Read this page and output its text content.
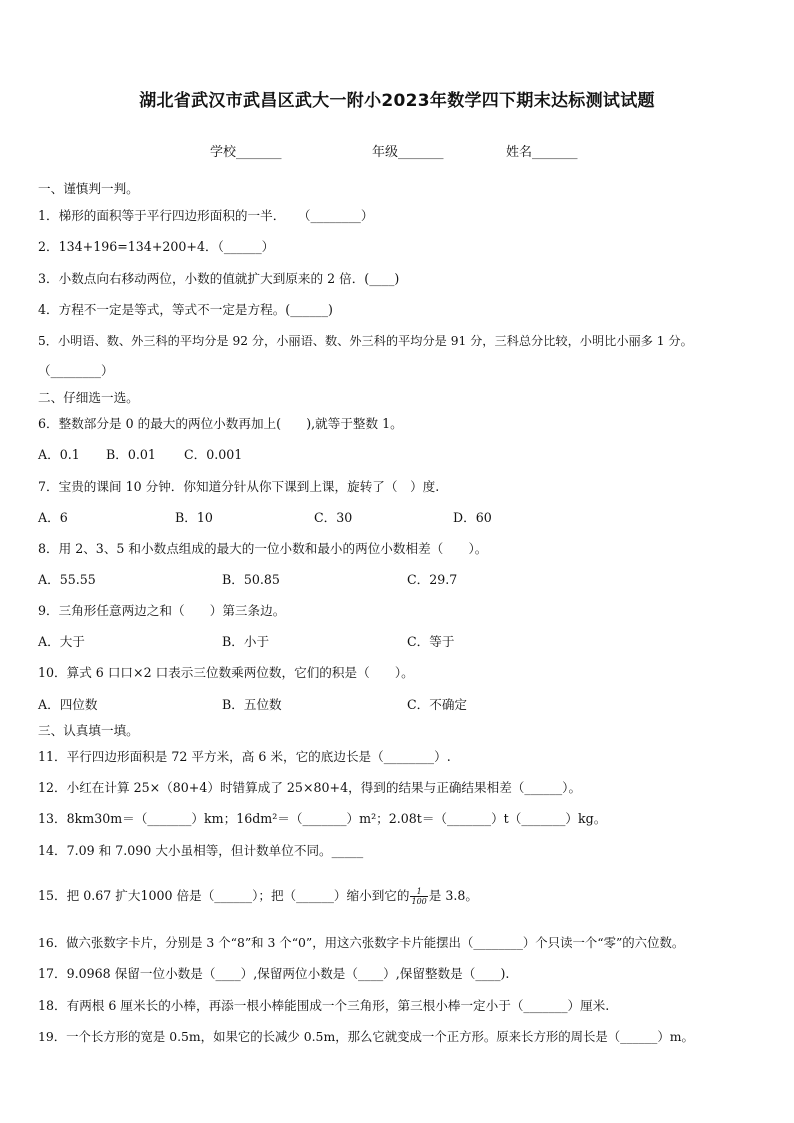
湖北省武汉市武昌区武大一附小2023年数学四下期末达标测试试题
学校_______	年级_______	姓名_______
一、谨慎判一判。
1．梯形的面积等于平行四边形面积的一半．　　（________）
2．134+196=134+200+4．（______）
3．小数点向右移动两位，小数的值就扩大到原来的 2 倍．(____)
4．方程不一定是等式，等式不一定是方程。(______)
5．小明语、数、外三科的平均分是 92 分，小丽语、数、外三科的平均分是 91 分，三科总分比较，小明比小丽多 1 分。
（________）
二、仔细选一选。
6．整数部分是 0 的最大的两位小数再加上(　　),就等于整数 1。
A．0.1 B．0.01 C．0.001
7．宝贵的课间 10 分钟．你知道分针从你下课到上课，旋转了（　）度.
A．6	B．10	C．30	D．60
8．用 2、3、5 和小数点组成的最大的一位小数和最小的两位小数相差（　　）。
A．55.55	B．50.85	C．29.7
9．三角形任意两边之和（　　）第三条边。
A．大于	B．小于	C．等于
10．算式 6 口口×2 口表示三位数乘两位数，它们的积是（　　）。
A．四位数	B．五位数	C．不确定
三、认真填一填。
11．平行四边形面积是 72 平方米，高 6 米，它的底边长是（________）.
12．小红在计算 25×（80+4）时错算成了 25×80+4，得到的结果与正确结果相差（______）。
13．8km30m＝（_______）km；16dm²＝（_______）m²；2.08t＝（_______）t（_______）kg。
14．7.09 和 7.090 大小虽相等，但计数单位不同。_____
15．把 0.67 扩大1000 倍是（______）；把（______）缩小到它的 $\frac{1}{100}$ 是 3.8。
16．做六张数字卡片，分别是 3 个“8”和 3 个“0”，用这六张数字卡片能摆出（________）个只读一个“零”的六位数。
17．9.0968 保留一位小数是（____）,保留两位小数是（____）,保留整数是（____).
18．有两根 6 厘米长的小棒，再添一根小棒能围成一个三角形，第三根小棒一定小于（_______）厘米.
19．一个长方形的宽是 0.5m，如果它的长减少 0.5m，那么它就变成一个正方形。原来长方形的周长是（______）m。
